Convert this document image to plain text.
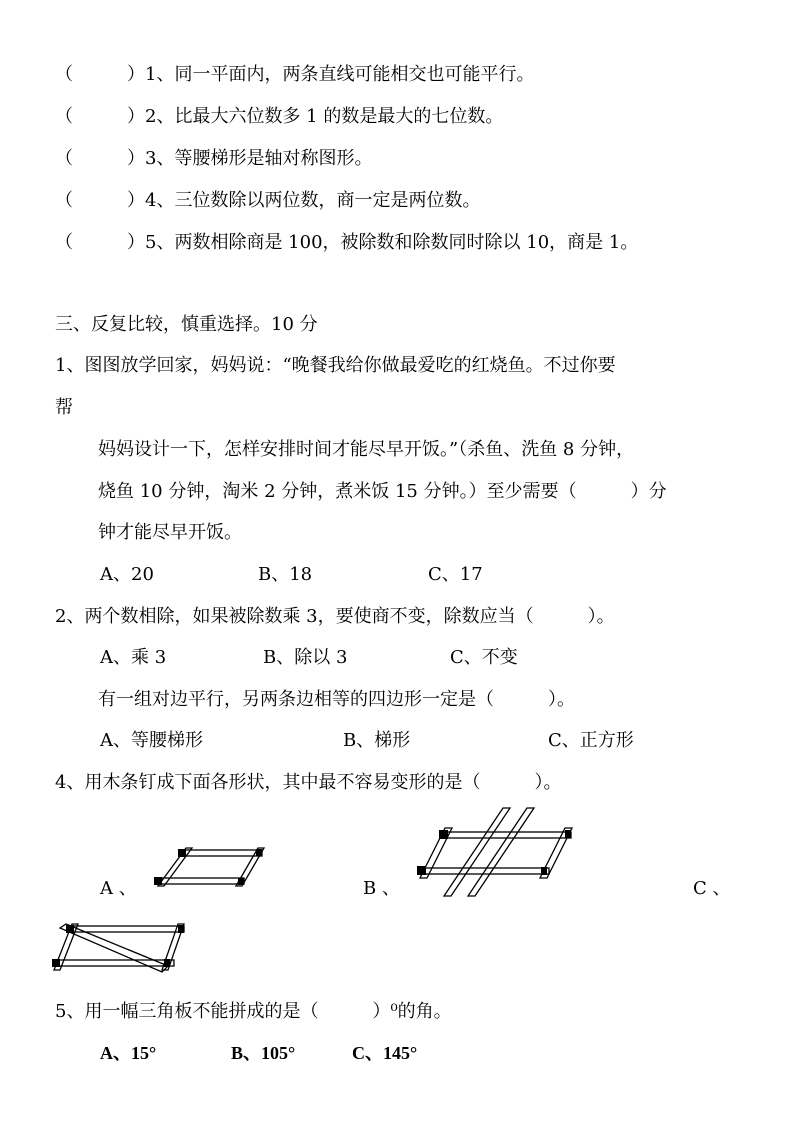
（　　　）1、同一平面内，两条直线可能相交也可能平行。
（　　　）2、比最大六位数多 1 的数是最大的七位数。
（　　　）3、等腰梯形是轴对称图形。
（　　　）4、三位数除以两位数，商一定是两位数。
（　　　）5、两数相除商是 100，被除数和除数同时除以 10，商是 1。
三、反复比较，慎重选择。10 分
1、图图放学回家，妈妈说：“晚餐我给你做最爱吃的红烧鱼。不过你要
帮
妈妈设计一下，怎样安排时间才能尽早开饭。”（杀鱼、洗鱼 8 分钟，
烧鱼 10 分钟，淘米 2 分钟，煮米饭 15 分钟。）至少需要（　　　）分
钟才能尽早开饭。
A、20	B、18	C、17
2、两个数相除，如果被除数乘 3，要使商不变，除数应当（　　　）。
A、乘 3	B、除以 3	C、不变
有一组对边平行，另两条边相等的四边形一定是（　　　）。
A、等腰梯形	B、梯形	C、正方形
4、用木条钉成下面各形状，其中最不容易变形的是（　　　）。
A 、	B 、	C 、
5、用一幅三角板不能拼成的是（　　　）⁰的角。
A、15°	B、105°	C、145°
